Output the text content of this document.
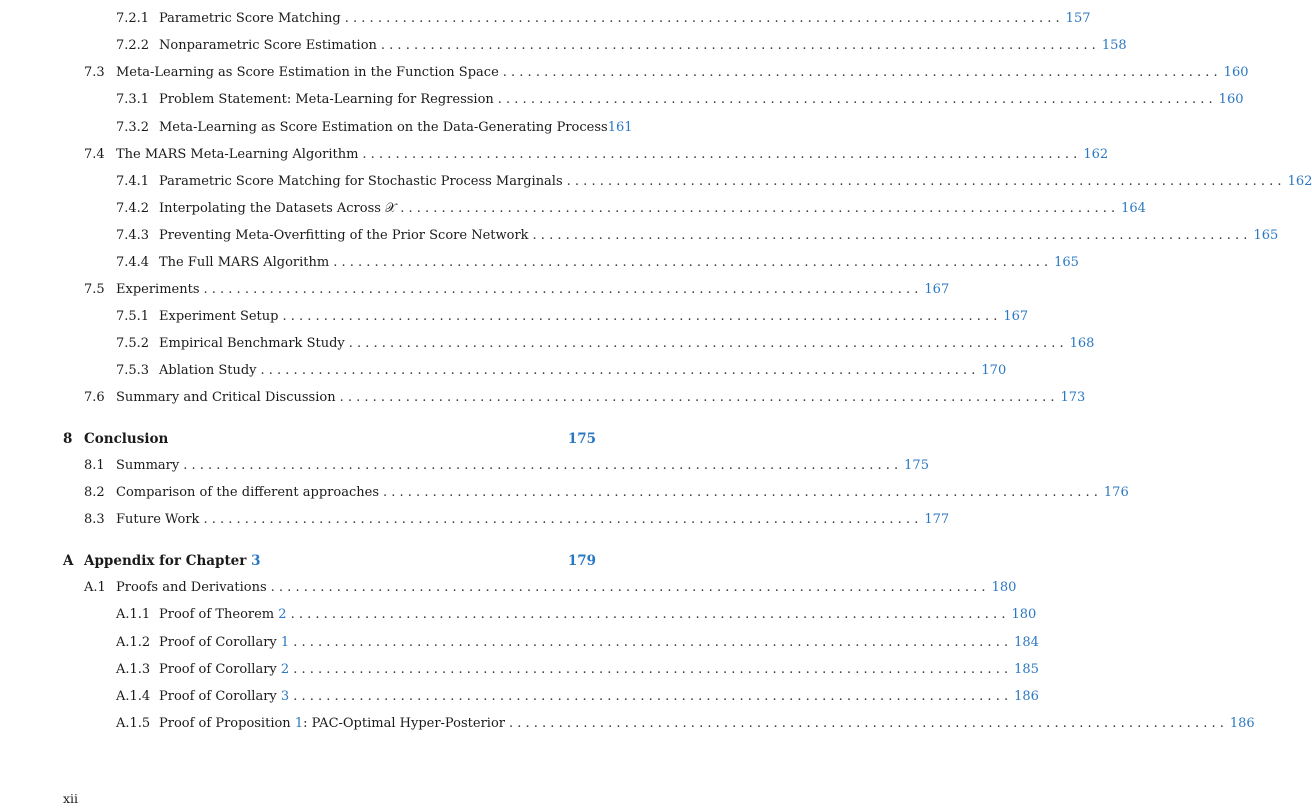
7.2.1 Parametric Score Matching . . .	157
7.2.2 Nonparametric Score Estimation . . .	158
7.3 Meta-Learning as Score Estimation in the Function Space . . .	160
7.3.1 Problem Statement: Meta-Learning for Regression . . .	160
7.3.2 Meta-Learning as Score Estimation on the Data-Generating Process 161
7.4 The MARS Meta-Learning Algorithm . . .	162
7.4.1 Parametric Score Matching for Stochastic Process Marginals . . .	162
7.4.2 Interpolating the Datasets Across 𝒳 . . .	164
7.4.3 Preventing Meta-Overfitting of the Prior Score Network . . .	165
7.4.4 The Full MARS Algorithm . . .	165
7.5 Experiments . . .	167
7.5.1 Experiment Setup . . .	167
7.5.2 Empirical Benchmark Study . . .	168
7.5.3 Ablation Study . . .	170
7.6 Summary and Critical Discussion . . .	173
8 Conclusion	175
8.1 Summary . . .	175
8.2 Comparison of the different approaches . . .	176
8.3 Future Work . . .	177
A Appendix for Chapter 3	179
A.1 Proofs and Derivations . . .	180
A.1.1 Proof of Theorem 2 . . .	180
A.1.2 Proof of Corollary 1 . . .	184
A.1.3 Proof of Corollary 2 . . .	185
A.1.4 Proof of Corollary 3 . . .	186
A.1.5 Proof of Proposition 1: PAC-Optimal Hyper-Posterior . . .	186
xii
